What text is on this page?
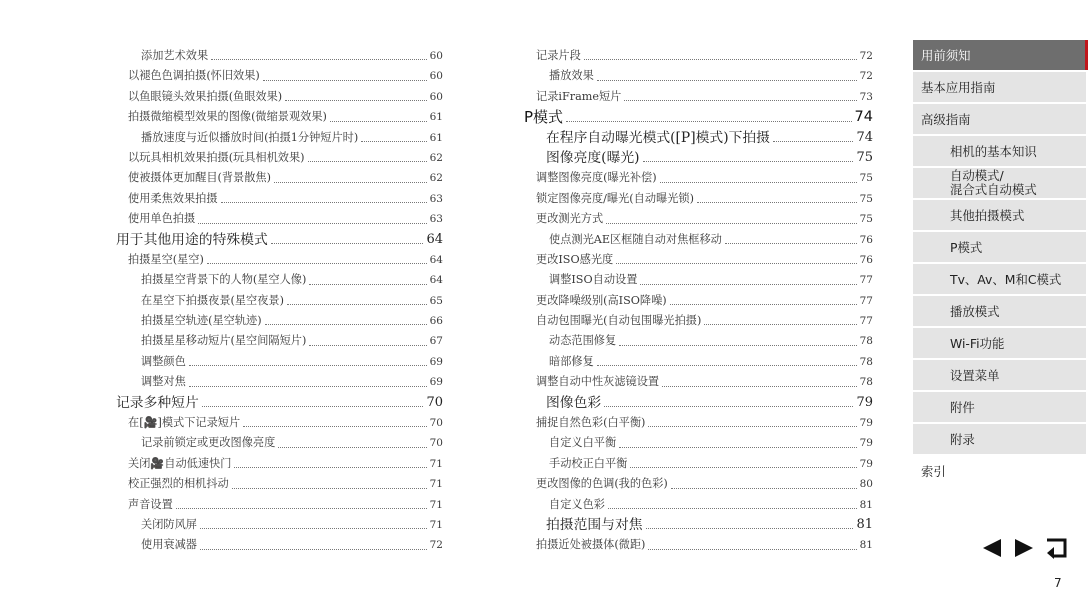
添加艺术效果	60
以褪色色调拍摄(怀旧效果)	60
以鱼眼镜头效果拍摄(鱼眼效果)	60
拍摄微缩模型效果的图像(微缩景观效果)	61
播放速度与近似播放时间(拍摄1分钟短片时)	61
以玩具相机效果拍摄(玩具相机效果)	62
使被摄体更加醒目(背景散焦)	62
使用柔焦效果拍摄	63
使用单色拍摄	63
用于其他用途的特殊模式	64
拍摄星空(星空)	64
拍摄星空背景下的人物(星空人像)	64
在星空下拍摄夜景(星空夜景)	65
拍摄星空轨迹(星空轨迹)	66
拍摄星星移动短片(星空间隔短片)	67
调整颜色	69
调整对焦	69
记录多种短片	70
在[🎥]模式下记录短片	70
记录前锁定或更改图像亮度	70
关闭🎥自动低速快门	71
校正强烈的相机抖动	71
声音设置	71
关闭防风屏	71
使用衰减器	72
记录片段	72
播放效果	72
记录iFrame短片	73
P模式	74
在程序自动曝光模式([P]模式)下拍摄	74
图像亮度(曝光)	75
调整图像亮度(曝光补偿)	75
锁定图像亮度/曝光(自动曝光锁)	75
更改测光方式	75
使点测光AE区框随自动对焦框移动	76
更改ISO感光度	76
调整ISO自动设置	77
更改降噪级别(高ISO降噪)	77
自动包围曝光(自动包围曝光拍摄)	77
动态范围修复	78
暗部修复	78
调整自动中性灰滤镜设置	78
图像色彩	79
捕捉自然色彩(白平衡)	79
自定义白平衡	79
手动校正白平衡	79
更改图像的色调(我的色彩)	80
自定义色彩	81
拍摄范围与对焦	81
拍摄近处被摄体(微距)	81
用前须知
基本应用指南
高级指南
相机的基本知识
自动模式/
混合式自动模式
其他拍摄模式
P模式
Tv、Av、M和C模式
播放模式
Wi-Fi功能
设置菜单
附件
附录
索引
7
